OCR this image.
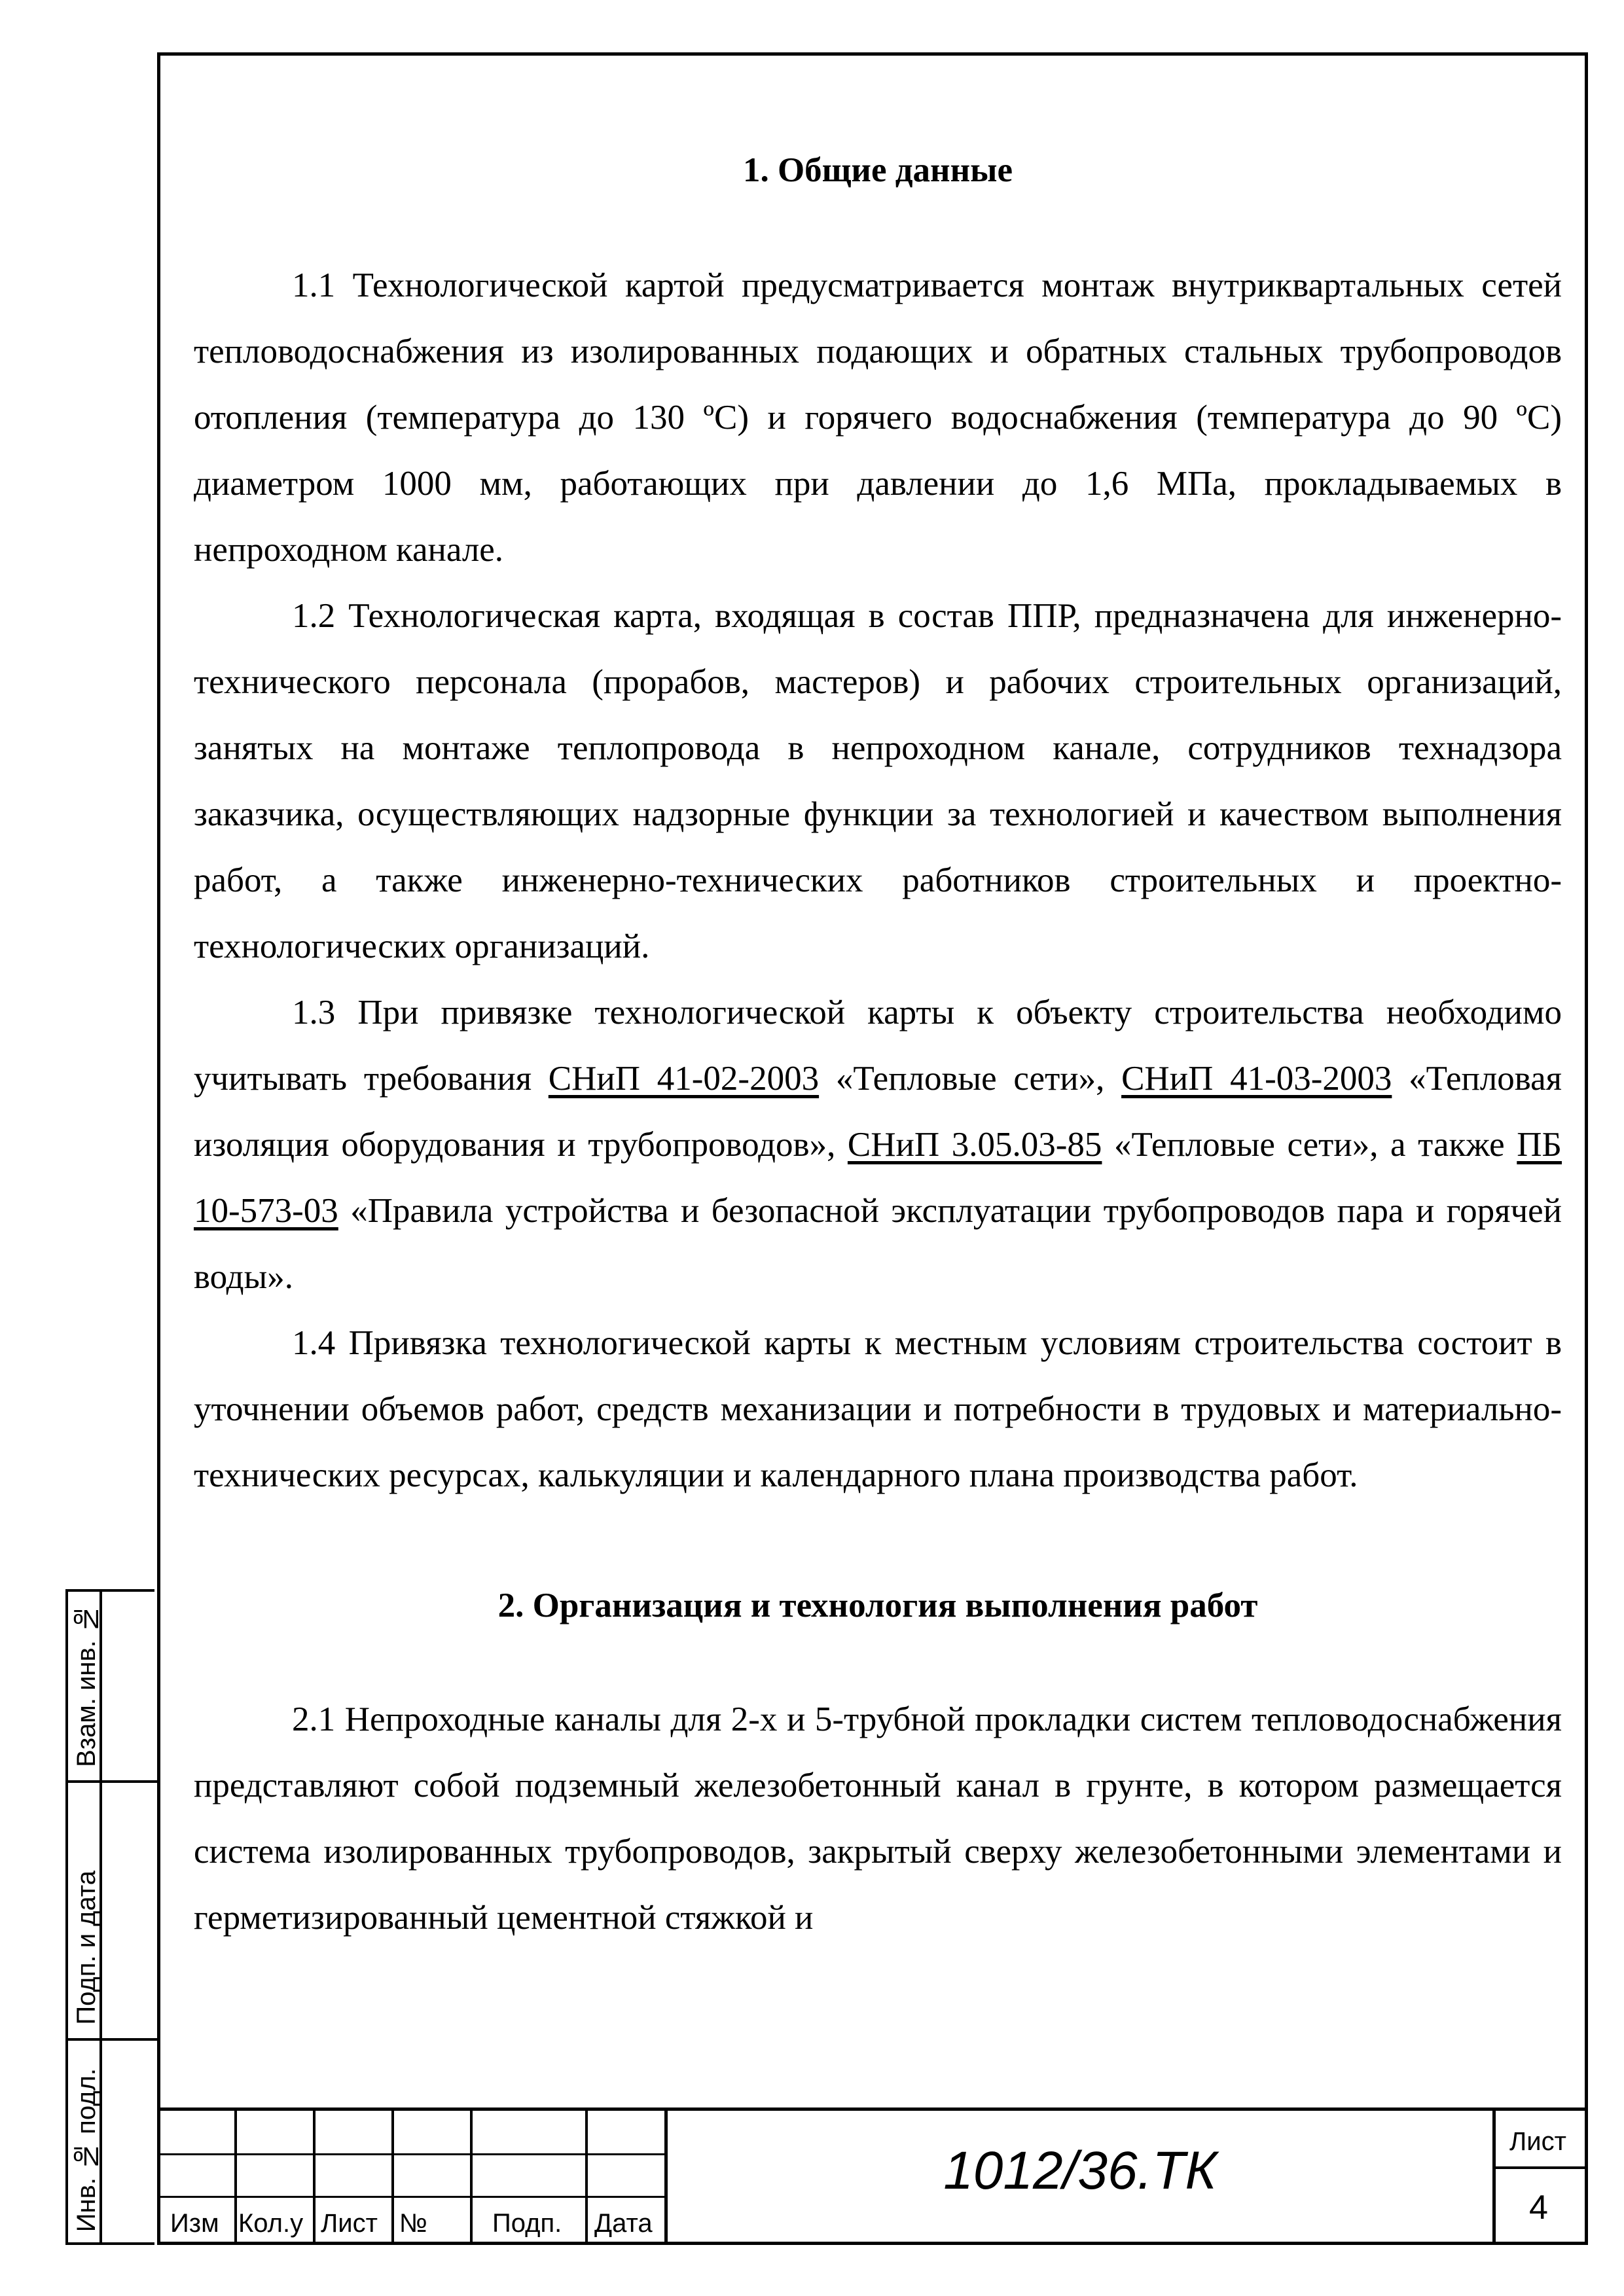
1. Общие данные

1.1 Технологической картой предусматривается монтаж внутриквартальных сетей тепловодоснабжения из изолированных подающих и обратных стальных трубопроводов отопления (температура до 130 ºС) и горячего водоснабжения (температура до 90 ºС) диаметром 1000 мм, работающих при давлении до 1,6 МПа, прокладываемых в непроходном канале.

1.2 Технологическая карта, входящая в состав ППР, предназначена для инженерно-технического персонала (прорабов, мастеров) и рабочих строительных организаций, занятых на монтаже теплопровода в непроходном канале, сотрудников технадзора заказчика, осуществляющих надзорные функции за технологией и качеством выполнения работ, а также инженерно-технических работников строительных и проектно-технологических организаций.

1.3 При привязке технологической карты к объекту строительства необходимо учитывать требования СНиП 41-02-2003 «Тепловые сети», СНиП 41-03-2003 «Тепловая изоляция оборудования и трубопроводов», СНиП 3.05.03-85 «Тепловые сети», а также ПБ 10-573-03 «Правила устройства и безопасной эксплуатации трубопроводов пара и горячей воды».

1.4 Привязка технологической карты к местным условиям строительства состоит в уточнении объемов работ, средств механизации и потребности в трудовых и материально-технических ресурсах, калькуляции и календарного плана производства работ.

2. Организация и технология выполнения работ

2.1 Непроходные каналы для 2-х и 5-трубной прокладки систем тепловодоснабжения представляют собой подземный железобетонный канал в грунте, в котором размещается система изолированных трубопроводов, закрытый сверху железобетонными элементами и герметизированный цементной стяжкой и

Взам. инв. №
Подп. и дата
Инв. № подл.	Изм Кол.у Лист № Подп. Дата
1012/36.ТК	Лист
4
